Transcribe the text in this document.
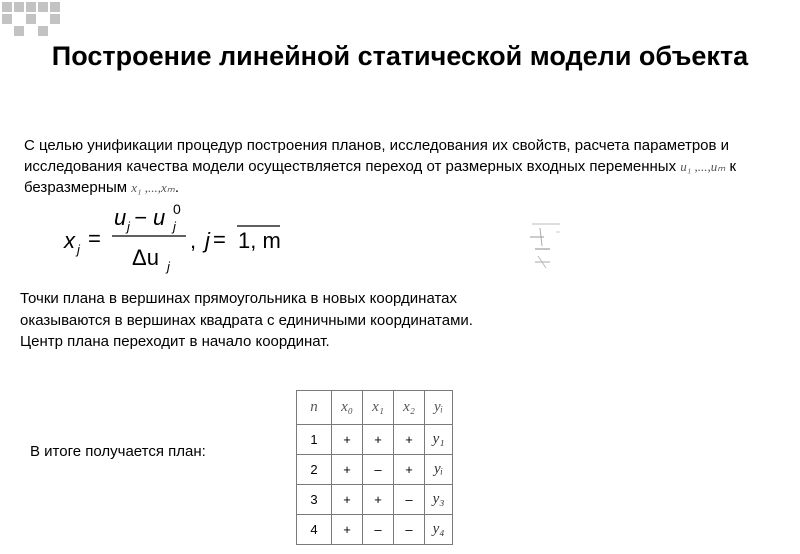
Построение линейной статической модели объекта
С целью унификации процедур построения планов, исследования их свойств, расчета параметров и исследования качества модели осуществляется переход от размерных входных переменных u₁ ,...,uₘ к безразмерным x₁ ,...,xₘ.
x j =
u j − u j
0
Δu j
, j = 1, m
Точки плана в вершинах прямоугольника в новых координатах оказываются в вершинах квадрата с единичными координатами. Центр плана переходит в начало координат.
В итоге получается план:
n	x₀	x₁	x₂	yᵢ
1	+	+	+	y₁
2	+	–	+	yᵢ
3	+	+	–	y₃
4	+	–	–	y₄
